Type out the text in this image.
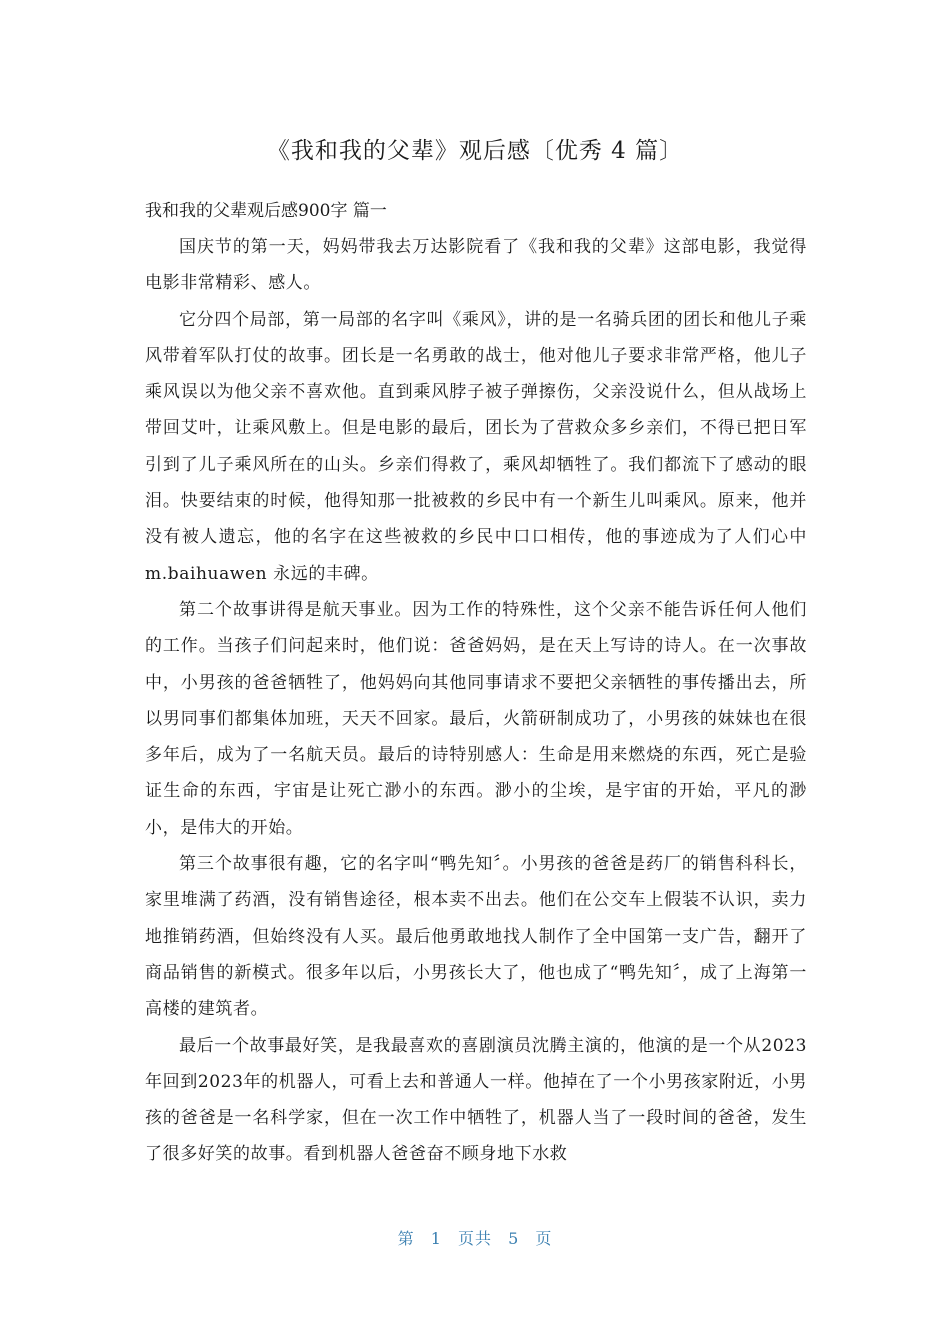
《我和我的父辈》观后感〔优秀 4 篇〕

我和我的父辈观后感900字 篇一

国庆节的第一天，妈妈带我去万达影院看了《我和我的父辈》这部电影，我觉得电影非常精彩、感人。

它分四个局部，第一局部的名字叫《乘风》，讲的是一名骑兵团的团长和他儿子乘风带着军队打仗的故事。团长是一名勇敢的战士，他对他儿子要求非常严格，他儿子乘风误以为他父亲不喜欢他。直到乘风脖子被子弹擦伤，父亲没说什么，但从战场上带回艾叶，让乘风敷上。但是电影的最后，团长为了营救众多乡亲们，不得已把日军引到了儿子乘风所在的山头。乡亲们得救了，乘风却牺牲了。我们都流下了感动的眼泪。快要结束的时候，他得知那一批被救的乡民中有一个新生儿叫乘风。原来，他并没有被人遗忘，他的名字在这些被救的乡民中口口相传，他的事迹成为了人们心中 m.baihuawen 永远的丰碑。

第二个故事讲得是航天事业。因为工作的特殊性，这个父亲不能告诉任何人他们的工作。当孩子们问起来时，他们说：爸爸妈妈，是在天上写诗的诗人。在一次事故中，小男孩的爸爸牺牲了，他妈妈向其他同事请求不要把父亲牺牲的事传播出去，所以男同事们都集体加班，天天不回家。最后，火箭研制成功了，小男孩的妹妹也在很多年后，成为了一名航天员。最后的诗特别感人：生命是用来燃烧的东西，死亡是验证生命的东西，宇宙是让死亡渺小的东西。渺小的尘埃，是宇宙的开始，平凡的渺小，是伟大的开始。

第三个故事很有趣，它的名字叫“鸭先知〞。小男孩的爸爸是药厂的销售科科长，家里堆满了药酒，没有销售途径，根本卖不出去。他们在公交车上假装不认识，卖力地推销药酒，但始终没有人买。最后他勇敢地找人制作了全中国第一支广告，翻开了商品销售的新模式。很多年以后，小男孩长大了，他也成了“鸭先知〞，成了上海第一高楼的建筑者。

最后一个故事最好笑，是我最喜欢的喜剧演员沈腾主演的，他演的是一个从2023年回到2023年的机器人，可看上去和普通人一样。他掉在了一个小男孩家附近，小男孩的爸爸是一名科学家，但在一次工作中牺牲了，机器人当了一段时间的爸爸，发生了很多好笑的故事。看到机器人爸爸奋不顾身地下水救

第 1 页共 5 页
